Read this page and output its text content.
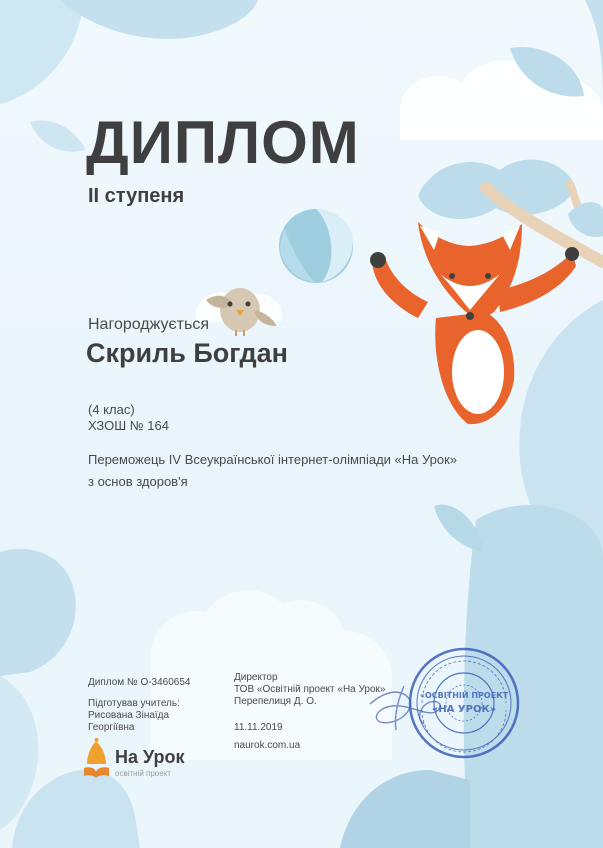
«ОСВІТНІЙ ПРОЕКТ
«НА УРОК»
ДИПЛОМ
ІІ ступеня
Нагороджується
Скриль Богдан
(4 клас)
ХЗОШ № 164
Переможець IV Всеукраїнської інтернет-олімпіади «На Урок»
з основ здоров'я
Диплом № О-3460654
Підготував учитель:
Рисована Зінаїда
Георгіївна
Директор
ТОВ «Освітній проект «На Урок»
Перепелиця Д. О.
11.11.2019
naurok.com.ua
На Урок
освітній проект
